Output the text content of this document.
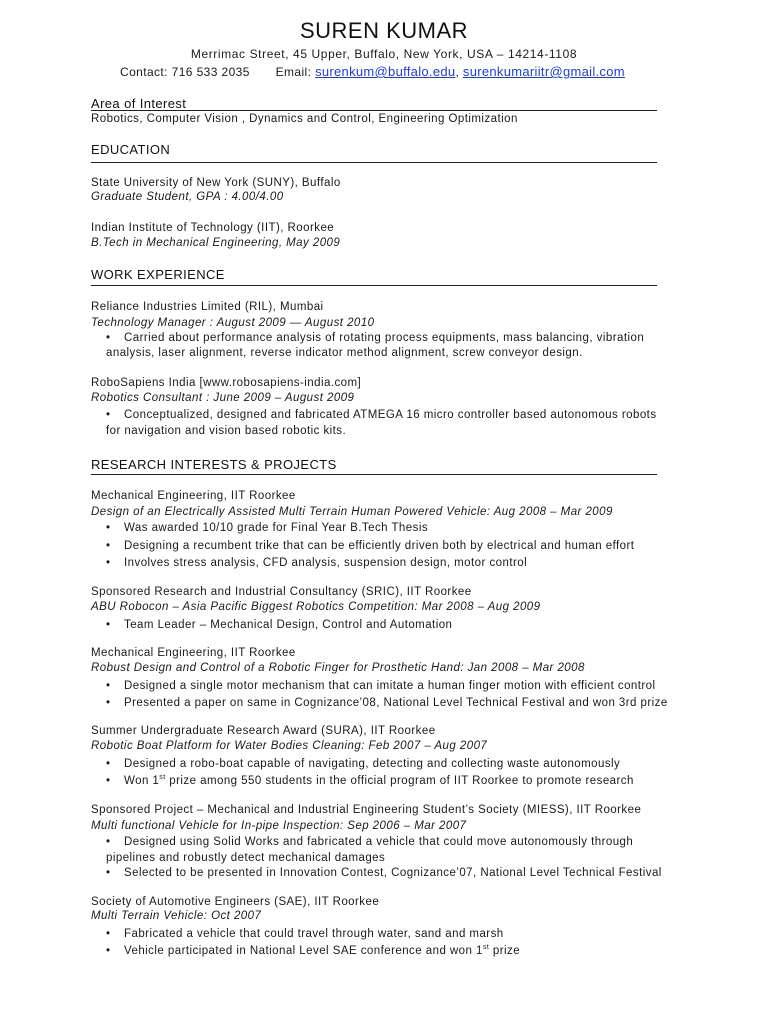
SUREN KUMAR
Merrimac Street, 45 Upper, Buffalo, New York, USA – 14214-1108
Contact: 716 533 2035 Email: surenkum@buffalo.edu, surenkumariitr@gmail.com
Area of Interest
Robotics, Computer Vision , Dynamics and Control, Engineering Optimization
EDUCATION
State University of New York (SUNY), Buffalo
Graduate Student, GPA : 4.00/4.00
Indian Institute of Technology (IIT), Roorkee
B.Tech in Mechanical Engineering, May 2009
WORK EXPERIENCE
Reliance Industries Limited (RIL), Mumbai
Technology Manager : August 2009 — August 2010
• Carried about performance analysis of rotating process equipments, mass balancing, vibration
analysis, laser alignment, reverse indicator method alignment, screw conveyor design.
RoboSapiens India [www.robosapiens-india.com]
Robotics Consultant : June 2009 – August 2009
• Conceptualized, designed and fabricated ATMEGA 16 micro controller based autonomous robots
for navigation and vision based robotic kits.
RESEARCH INTERESTS & PROJECTS
Mechanical Engineering, IIT Roorkee
Design of an Electrically Assisted Multi Terrain Human Powered Vehicle: Aug 2008 – Mar 2009
• Was awarded 10/10 grade for Final Year B.Tech Thesis
• Designing a recumbent trike that can be efficiently driven both by electrical and human effort
• Involves stress analysis, CFD analysis, suspension design, motor control
Sponsored Research and Industrial Consultancy (SRIC), IIT Roorkee
ABU Robocon – Asia Pacific Biggest Robotics Competition: Mar 2008 – Aug 2009
• Team Leader – Mechanical Design, Control and Automation
Mechanical Engineering, IIT Roorkee
Robust Design and Control of a Robotic Finger for Prosthetic Hand: Jan 2008 – Mar 2008
• Designed a single motor mechanism that can imitate a human finger motion with efficient control
• Presented a paper on same in Cognizance’08, National Level Technical Festival and won 3rd prize
Summer Undergraduate Research Award (SURA), IIT Roorkee
Robotic Boat Platform for Water Bodies Cleaning: Feb 2007 – Aug 2007
• Designed a robo-boat capable of navigating, detecting and collecting waste autonomously
• Won 1st prize among 550 students in the official program of IIT Roorkee to promote research
Sponsored Project – Mechanical and Industrial Engineering Student’s Society (MIESS), IIT Roorkee
Multi functional Vehicle for In-pipe Inspection: Sep 2006 – Mar 2007
• Designed using Solid Works and fabricated a vehicle that could move autonomously through
pipelines and robustly detect mechanical damages
• Selected to be presented in Innovation Contest, Cognizance’07, National Level Technical Festival
Society of Automotive Engineers (SAE), IIT Roorkee
Multi Terrain Vehicle: Oct 2007
• Fabricated a vehicle that could travel through water, sand and marsh
• Vehicle participated in National Level SAE conference and won 1st prize
